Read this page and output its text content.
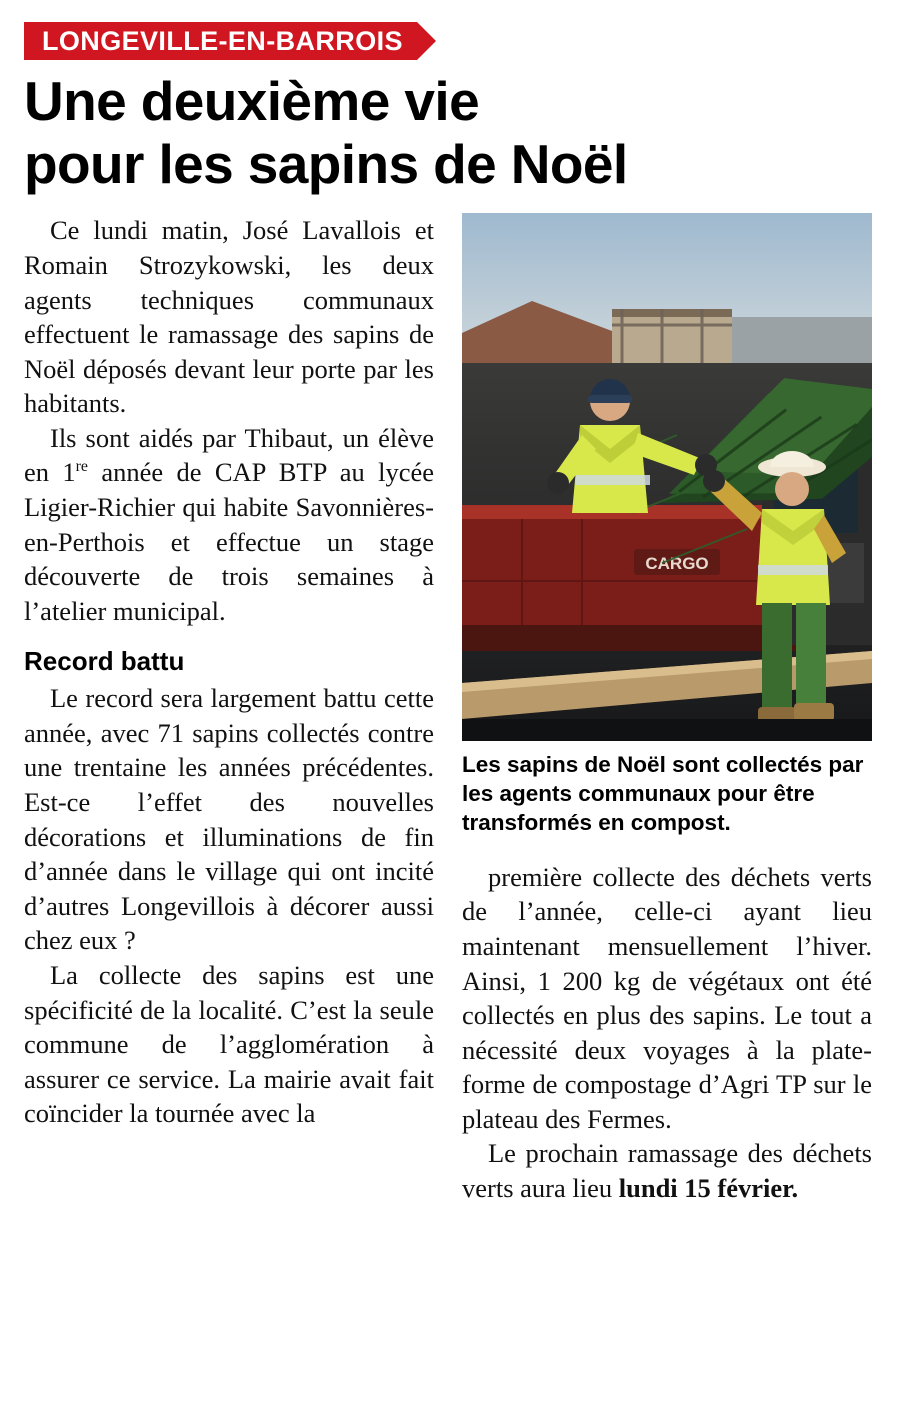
LONGEVILLE-EN-BARROIS
Une deuxième vie
pour les sapins de Noël

Ce lundi matin, José Lavallois et Romain Strozykowski, les deux agents techniques communaux effectuent le ramassage des sapins de Noël déposés devant leur porte par les habitants.

Ils sont aidés par Thibaut, un élève en 1re année de CAP BTP au lycée Ligier-Richier qui habite Savonnières-en-Perthois et effectue un stage découverte de trois semaines à l’atelier municipal.

Record battu

Le record sera largement battu cette année, avec 71 sapins collectés contre une trentaine les années précédentes. Est-ce l’effet des nouvelles décorations et illuminations de fin d’année dans le village qui ont incité d’autres Longevillois à décorer aussi chez eux ?

La collecte des sapins est une spécificité de la localité. C’est la seule commune de l’agglomération à assurer ce service. La mairie avait fait coïncider la tournée avec la

CARGO
Les sapins de Noël sont collectés par les agents communaux pour être transformés en compost.

première collecte des déchets verts de l’année, celle-ci ayant lieu maintenant mensuellement l’hiver. Ainsi, 1 200 kg de végétaux ont été collectés en plus des sapins. Le tout a nécessité deux voyages à la plate-forme de compostage d’Agri TP sur le plateau des Fermes.

Le prochain ramassage des déchets verts aura lieu lundi 15 février.
